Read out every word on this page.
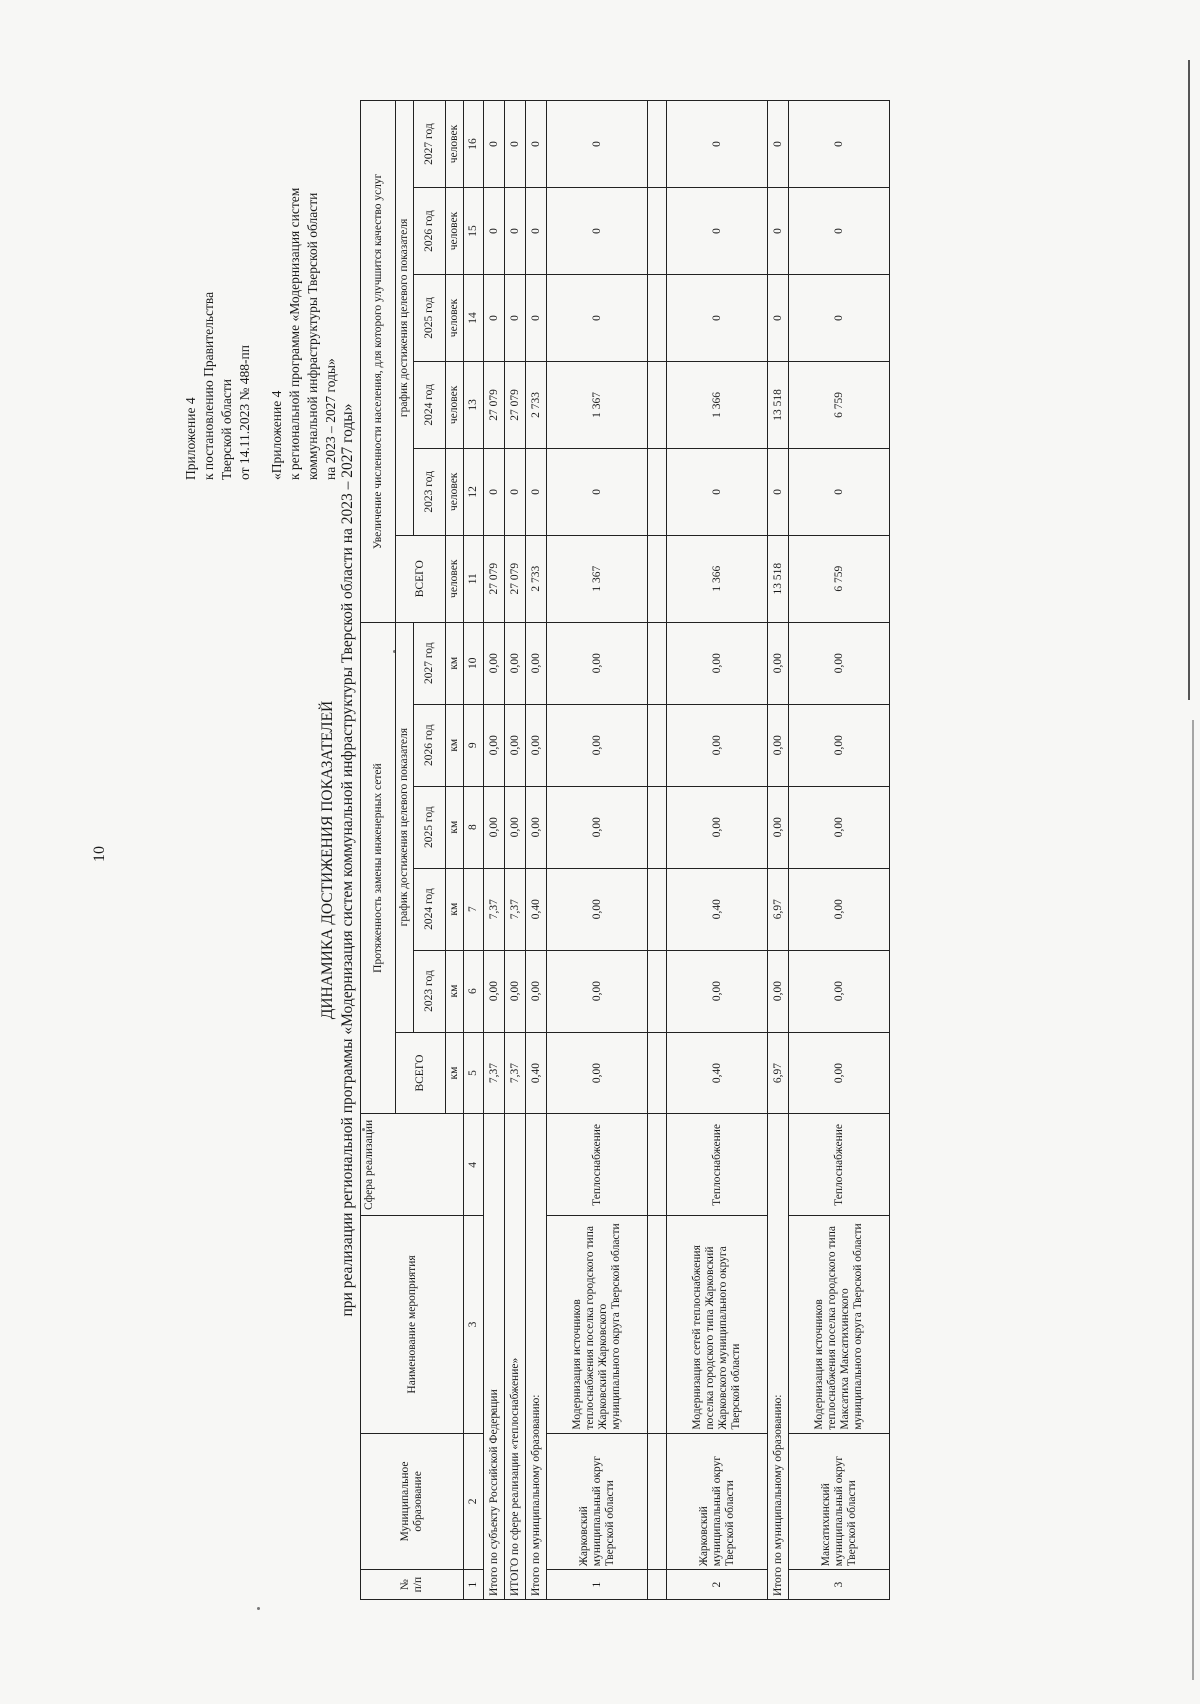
10
Приложение 4 к постановлению Правительства Тверской области от 14.11.2023 № 488-пп «Приложение 4 к региональной программе «Модернизация систем коммунальной инфраструктуры Тверской области на 2023 – 2027 годы»
ДИНАМИКА ДОСТИЖЕНИЯ ПОКАЗАТЕЛЕЙ при реализации региональной программы «Модернизация систем коммунальной инфраструктуры Тверской области на 2023 – 2027 годы»
№ п/п	Муниципальное образование	Наименование мероприятия	Сфера реализации	Протяженность замены инженерных сетей						Увеличение численности населения, для которого улучшится качество услуг					
				ВСЕГО	график достижения целевого показателя					ВСЕГО	график достижения целевого показателя				
					2023 год	2024 год	2025 год	2026 год	2027 год		2023 год	2024 год	2025 год	2026 год	2027 год

				км	км	км	км	км	км	человек	человек	человек	человек	человек	человек
1	2	3	4	5	6	7	8	9	10	11	12	13	14	15	16
Итого по субъекту Российской Федерации				7,37	0,00	7,37	0,00	0,00	0,00	27 079	0	27 079	0	0	0
ИТОГО по сфере реализации «теплоснабжение»				7,37	0,00	7,37	0,00	0,00	0,00	27 079	0	27 079	0	0	0
Итого по муниципальному образованию:				0,40	0,00	0,40	0,00	0,00	0,00	2 733	0	2 733	0	0	0
1	Жарковский муниципальный округ Тверской области	Модернизация источников теплоснабжения поселка городского типа Жарковский Жарковского муниципального округа Тверской области	Теплоснабжение	0,00	0,00	0,00	0,00	0,00	0,00	1 367	0	1 367	0	0	0

2	Жарковский муниципальный округ Тверской области	Модернизация сетей теплоснабжения поселка городского типа Жарковский Жарковского муниципального округа Тверской области	Теплоснабжение	0,40	0,00	0,40	0,00	0,00	0,00	1 366	0	1 366	0	0	0
Итого по муниципальному образованию:				6,97	0,00	6,97	0,00	0,00	0,00	13 518	0	13 518	0	0	0
3	Максатихинский муниципальный округ Тверской области	Модернизация источников теплоснабжения поселка городского типа Максатиха Максатихинского муниципального округа Тверской области	Теплоснабжение	0,00	0,00	0,00	0,00	0,00	0,00	6 759	0	6 759	0	0	0
